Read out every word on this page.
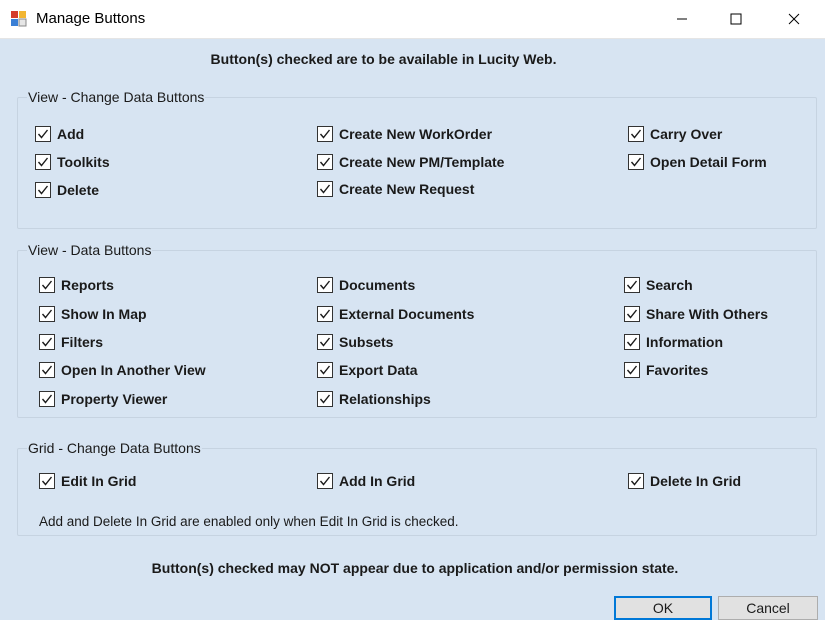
Manage Buttons
Button(s) checked are to be available in Lucity Web.
View - Change Data Buttons
Add
Toolkits
Delete
Create New WorkOrder
Create New PM/Template
Create New Request
Carry Over
Open Detail Form
View - Data Buttons
Reports
Show In Map
Filters
Open In Another View
Property Viewer
Documents
External Documents
Subsets
Export Data
Relationships
Search
Share With Others
Information
Favorites
Grid - Change Data Buttons
Edit In Grid	Add In Grid	Delete In Grid
Add and Delete In Grid are enabled only when Edit In Grid is checked.
Button(s) checked may NOT appear due to application and/or permission state.
OK	Cancel
